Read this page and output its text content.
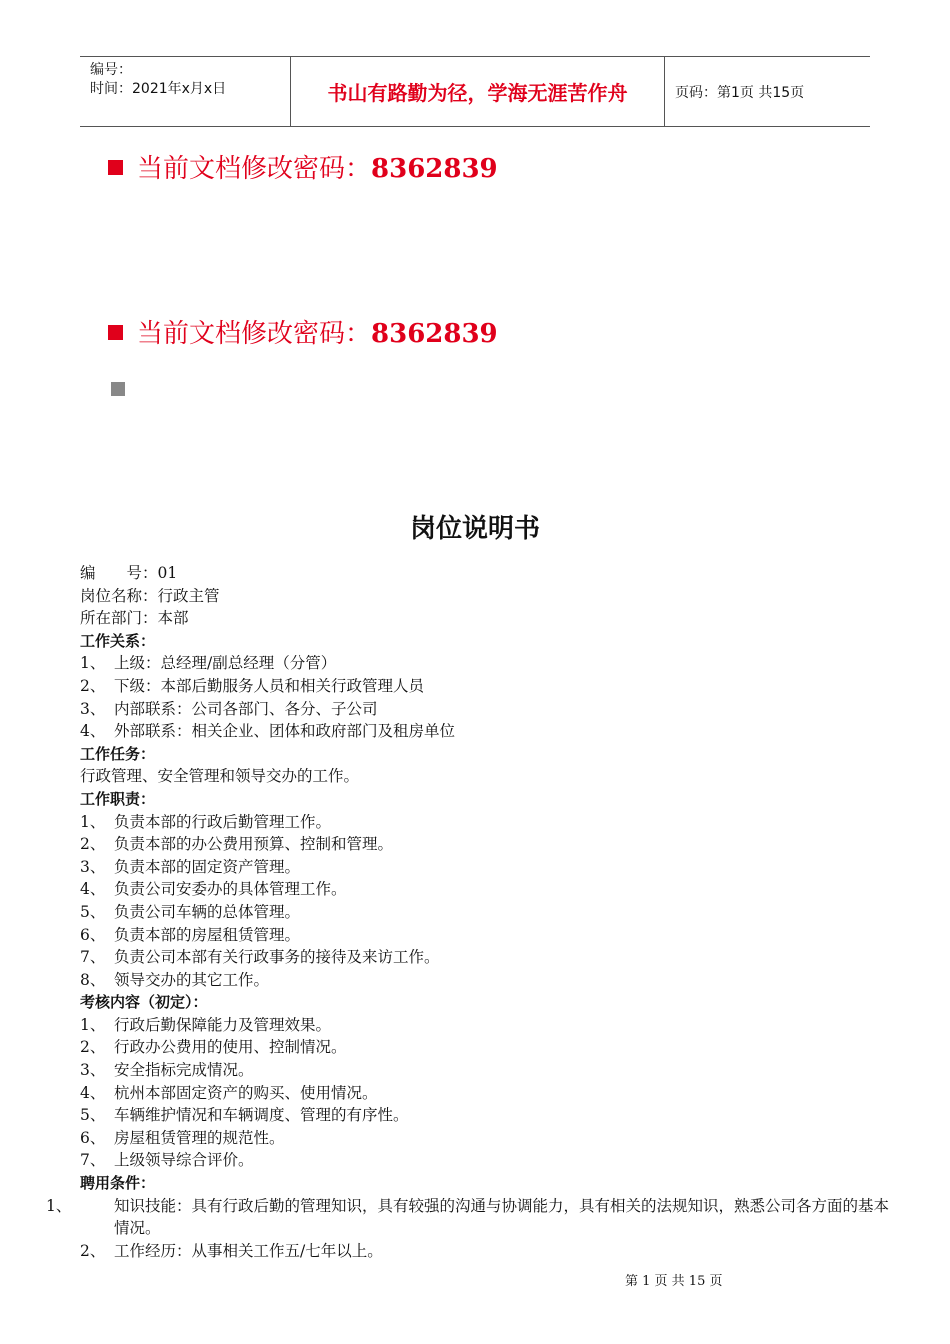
编号：
时间：2021年x月x日	书山有路勤为径，学海无涯苦作舟	页码：第1页 共15页
当前文档修改密码：8362839
当前文档修改密码：8362839
岗位说明书
编　　号：01
岗位名称：行政主管
所在部门：本部
工作关系：
1、 上级：总经理/副总经理（分管）
2、 下级：本部后勤服务人员和相关行政管理人员
3、 内部联系：公司各部门、各分、子公司
4、 外部联系：相关企业、团体和政府部门及租房单位
工作任务：
行政管理、安全管理和领导交办的工作。
工作职责：
1、 负责本部的行政后勤管理工作。
2、 负责本部的办公费用预算、控制和管理。
3、 负责本部的固定资产管理。
4、 负责公司安委办的具体管理工作。
5、 负责公司车辆的总体管理。
6、 负责本部的房屋租赁管理。
7、 负责公司本部有关行政事务的接待及来访工作。
8、 领导交办的其它工作。
考核内容（初定）：
1、 行政后勤保障能力及管理效果。
2、 行政办公费用的使用、控制情况。
3、 安全指标完成情况。
4、 杭州本部固定资产的购买、使用情况。
5、 车辆维护情况和车辆调度、管理的有序性。
6、 房屋租赁管理的规范性。
7、 上级领导综合评价。
聘用条件：
1、	知识技能：具有行政后勤的管理知识，具有较强的沟通与协调能力，具有相关的法规知识，熟悉公司各方面的基本情况。
2、 工作经历：从事相关工作五/七年以上。
第 1 页 共 15 页
